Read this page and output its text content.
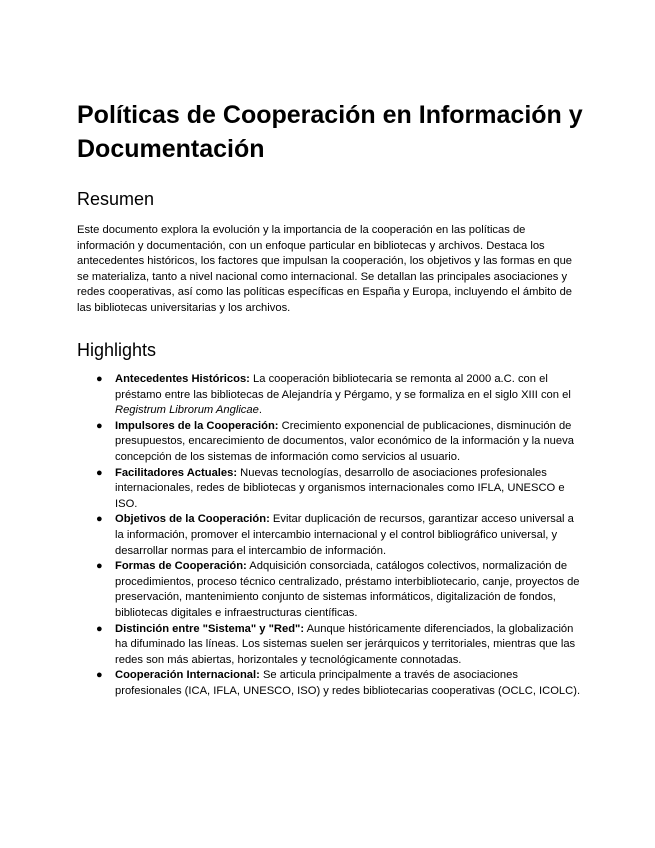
Políticas de Cooperación en Información y Documentación
Resumen

Este documento explora la evolución y la importancia de la cooperación en las políticas de información y documentación, con un enfoque particular en bibliotecas y archivos. Destaca los antecedentes históricos, los factores que impulsan la cooperación, los objetivos y las formas en que se materializa, tanto a nivel nacional como internacional. Se detallan las principales asociaciones y redes cooperativas, así como las políticas específicas en España y Europa, incluyendo el ámbito de las bibliotecas universitarias y los archivos.

Highlights
● Antecedentes Históricos: La cooperación bibliotecaria se remonta al 2000 a.C. con el préstamo entre las bibliotecas de Alejandría y Pérgamo, y se formaliza en el siglo XIII con el Registrum Librorum Anglicae.
● Impulsores de la Cooperación: Crecimiento exponencial de publicaciones, disminución de presupuestos, encarecimiento de documentos, valor económico de la información y la nueva concepción de los sistemas de información como servicios al usuario.
● Facilitadores Actuales: Nuevas tecnologías, desarrollo de asociaciones profesionales internacionales, redes de bibliotecas y organismos internacionales como IFLA, UNESCO e ISO.
● Objetivos de la Cooperación: Evitar duplicación de recursos, garantizar acceso universal a la información, promover el intercambio internacional y el control bibliográfico universal, y desarrollar normas para el intercambio de información.
● Formas de Cooperación: Adquisición consorciada, catálogos colectivos, normalización de procedimientos, proceso técnico centralizado, préstamo interbibliotecario, canje, proyectos de preservación, mantenimiento conjunto de sistemas informáticos, digitalización de fondos, bibliotecas digitales e infraestructuras científicas.
● Distinción entre "Sistema" y "Red": Aunque históricamente diferenciados, la globalización ha difuminado las líneas. Los sistemas suelen ser jerárquicos y territoriales, mientras que las redes son más abiertas, horizontales y tecnológicamente connotadas.
● Cooperación Internacional: Se articula principalmente a través de asociaciones profesionales (ICA, IFLA, UNESCO, ISO) y redes bibliotecarias cooperativas (OCLC, ICOLC).
